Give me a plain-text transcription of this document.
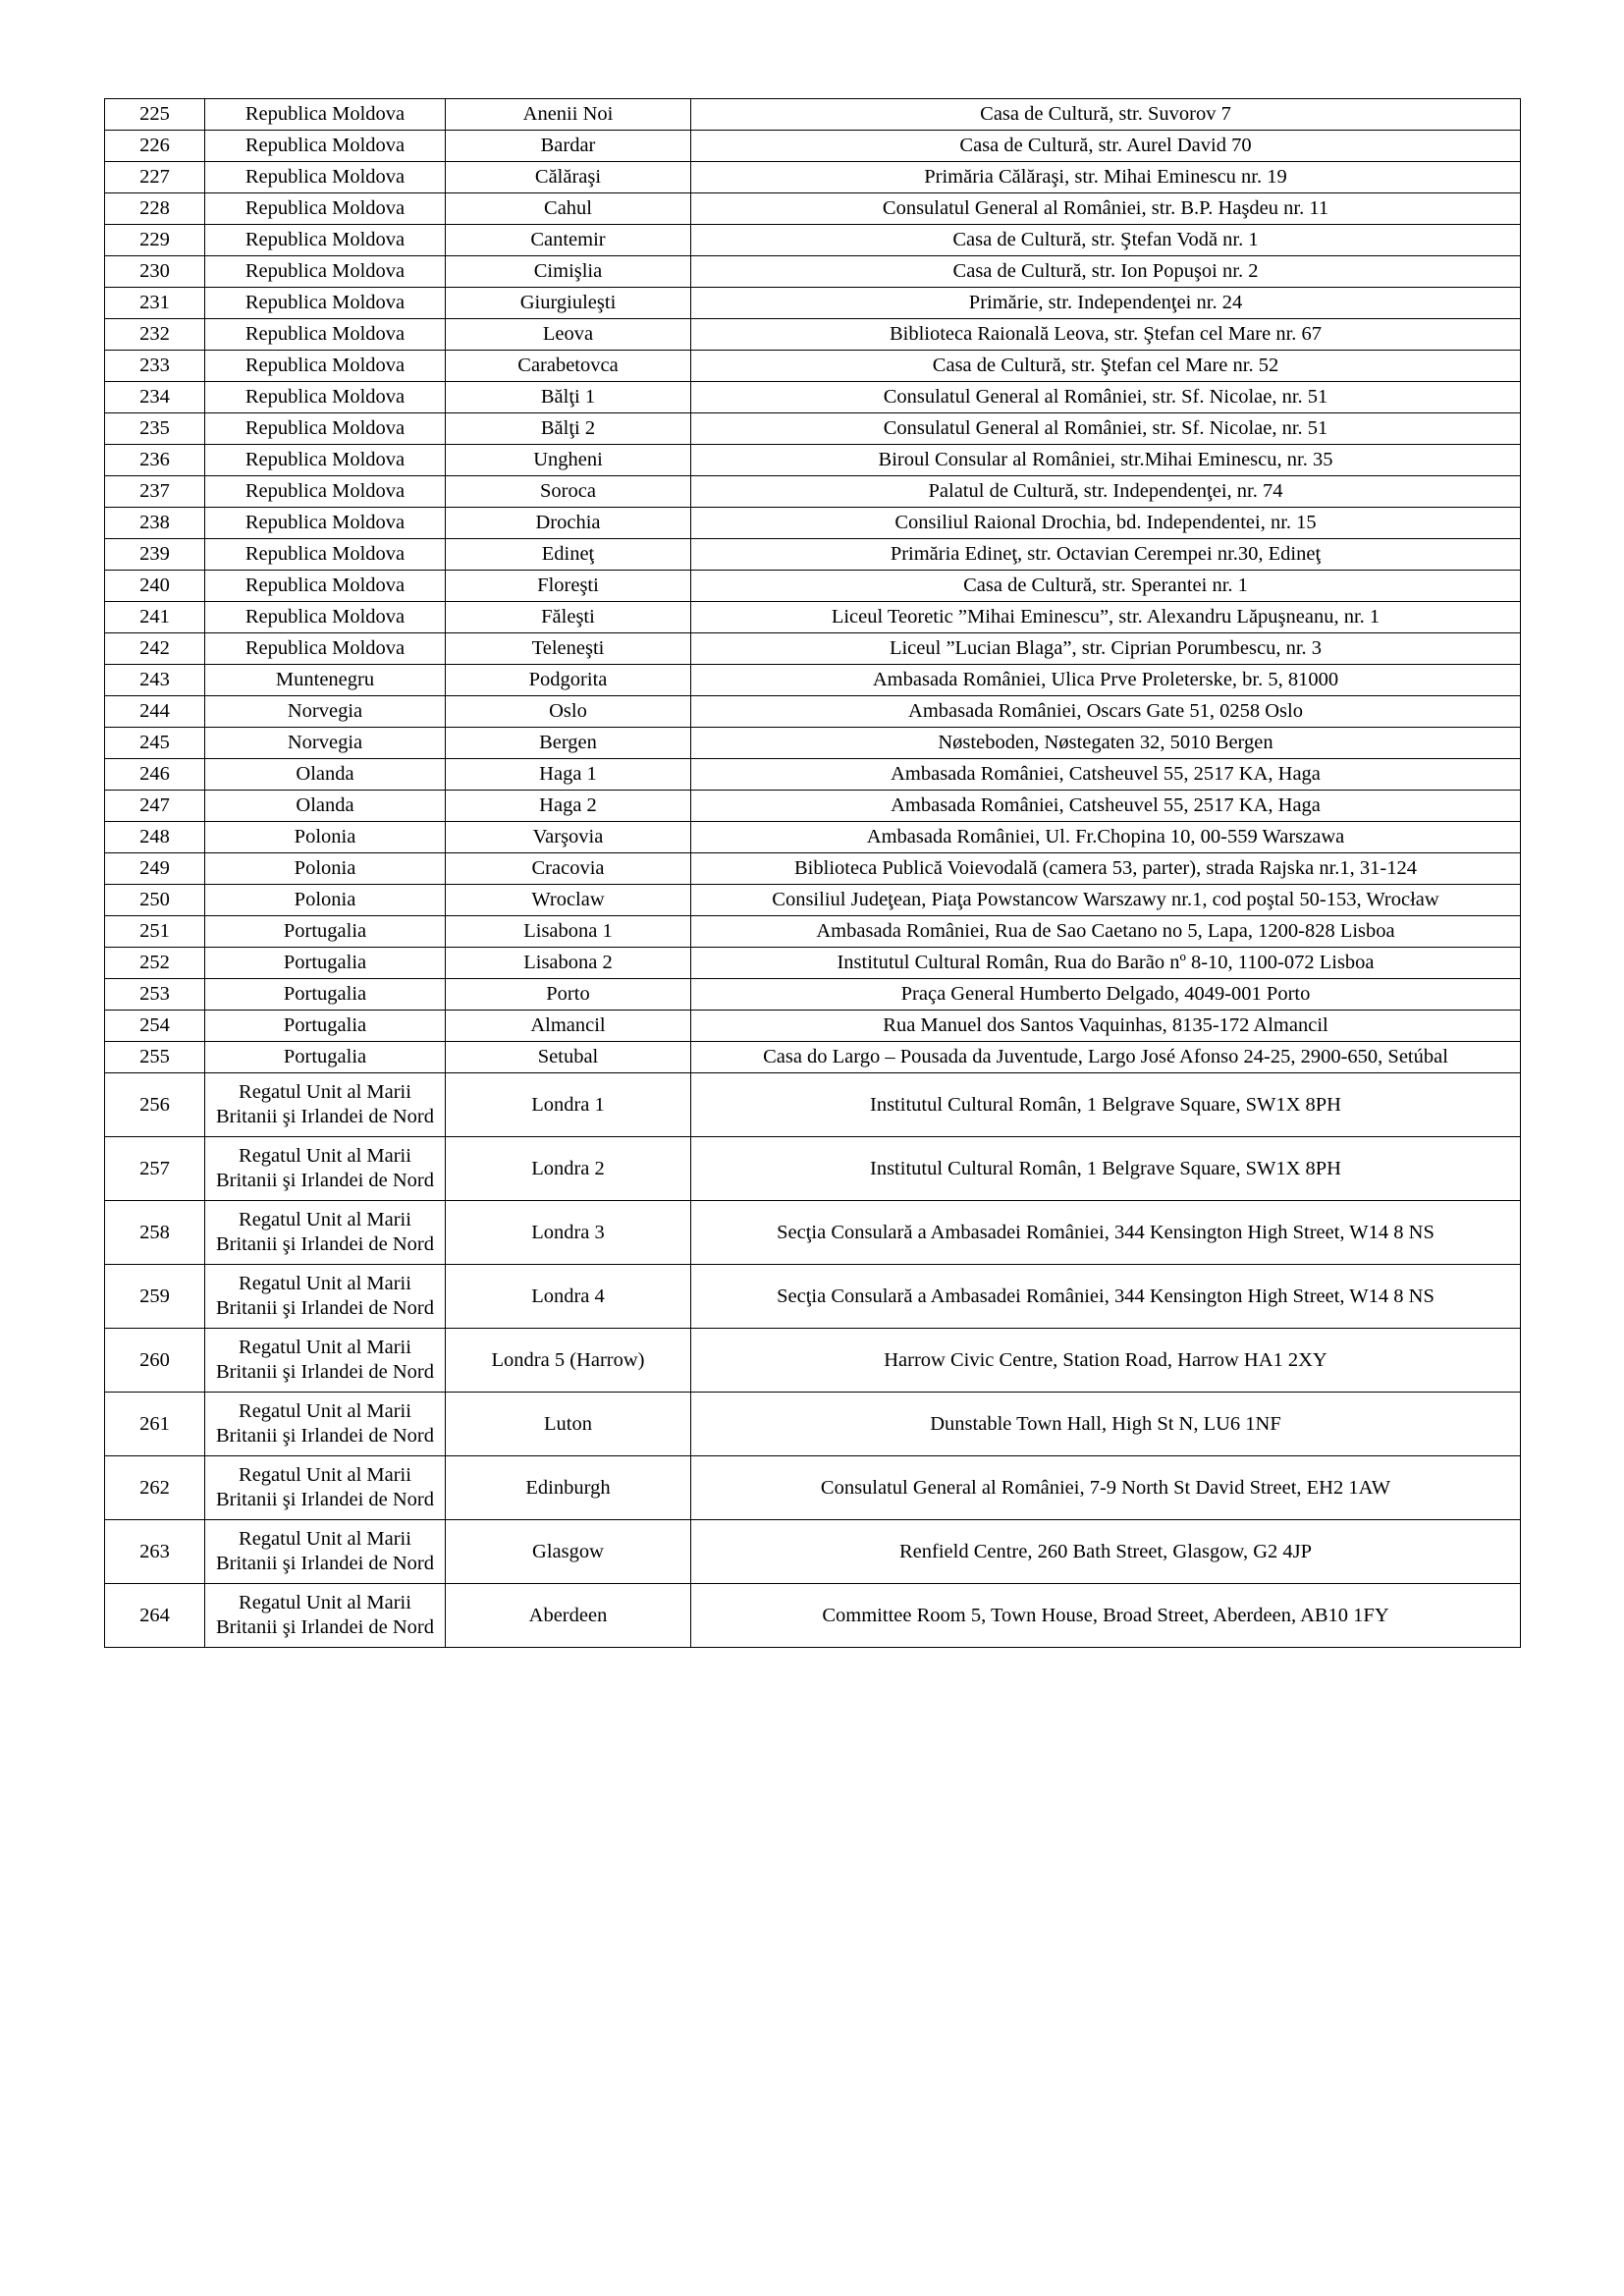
225	Republica Moldova	Anenii Noi	Casa de Cultură, str. Suvorov 7
226	Republica Moldova	Bardar	Casa de Cultură, str. Aurel David 70
227	Republica Moldova	Călăraşi	Primăria Călăraşi, str. Mihai Eminescu nr. 19
228	Republica Moldova	Cahul	Consulatul General al României, str. B.P. Haşdeu nr. 11
229	Republica Moldova	Cantemir	Casa de Cultură, str. Ştefan Vodă nr. 1
230	Republica Moldova	Cimişlia	Casa de Cultură, str. Ion Popuşoi nr. 2
231	Republica Moldova	Giurgiuleşti	Primărie, str. Independenţei nr. 24
232	Republica Moldova	Leova	Biblioteca Raională Leova, str. Ştefan cel Mare nr. 67
233	Republica Moldova	Carabetovca	Casa de Cultură, str. Ştefan cel Mare nr. 52
234	Republica Moldova	Bălţi 1	Consulatul General al României, str. Sf. Nicolae, nr. 51
235	Republica Moldova	Bălţi 2	Consulatul General al României, str. Sf. Nicolae, nr. 51
236	Republica Moldova	Ungheni	Biroul Consular al României, str.Mihai Eminescu, nr. 35
237	Republica Moldova	Soroca	Palatul de Cultură, str. Independenţei, nr. 74
238	Republica Moldova	Drochia	Consiliul Raional Drochia, bd. Independentei, nr. 15
239	Republica Moldova	Edineţ	Primăria Edineţ, str. Octavian Cerempei nr.30, Edineţ
240	Republica Moldova	Floreşti	Casa de Cultură, str. Sperantei nr. 1
241	Republica Moldova	Făleşti	Liceul Teoretic ”Mihai Eminescu”, str. Alexandru Lăpuşneanu, nr. 1
242	Republica Moldova	Teleneşti	Liceul ”Lucian Blaga”, str. Ciprian Porumbescu, nr. 3
243	Muntenegru	Podgorita	Ambasada României, Ulica Prve Proleterske, br. 5, 81000
244	Norvegia	Oslo	Ambasada României, Oscars Gate 51, 0258 Oslo
245	Norvegia	Bergen	Nøsteboden, Nøstegaten 32, 5010 Bergen
246	Olanda	Haga 1	Ambasada României, Catsheuvel 55, 2517 KA, Haga
247	Olanda	Haga 2	Ambasada României, Catsheuvel 55, 2517 KA, Haga
248	Polonia	Varşovia	Ambasada României, Ul. Fr.Chopina 10, 00-559 Warszawa
249	Polonia	Cracovia	Biblioteca Publică Voievodală (camera 53, parter), strada Rajska nr.1, 31-124
250	Polonia	Wroclaw	Consiliul Judeţean, Piaţa Powstancow Warszawy nr.1, cod poştal 50-153, Wrocław
251	Portugalia	Lisabona 1	Ambasada României, Rua de Sao Caetano no 5, Lapa, 1200-828 Lisboa
252	Portugalia	Lisabona 2	Institutul Cultural Român, Rua do Barão nº 8-10, 1100-072 Lisboa
253	Portugalia	Porto	Praça General Humberto Delgado, 4049-001 Porto
254	Portugalia	Almancil	Rua Manuel dos Santos Vaquinhas, 8135-172 Almancil
255	Portugalia	Setubal	Casa do Largo – Pousada da Juventude, Largo José Afonso 24-25, 2900-650, Setúbal
256	Regatul Unit al Marii Britanii şi Irlandei de Nord	Londra 1	Institutul Cultural Român, 1 Belgrave Square, SW1X 8PH
257	Regatul Unit al Marii Britanii şi Irlandei de Nord	Londra 2	Institutul Cultural Român, 1 Belgrave Square, SW1X 8PH
258	Regatul Unit al Marii Britanii şi Irlandei de Nord	Londra 3	Secţia Consulară a Ambasadei României, 344 Kensington High Street, W14 8 NS
259	Regatul Unit al Marii Britanii şi Irlandei de Nord	Londra 4	Secţia Consulară a Ambasadei României, 344 Kensington High Street, W14 8 NS
260	Regatul Unit al Marii Britanii şi Irlandei de Nord	Londra 5 (Harrow)	Harrow Civic Centre, Station Road, Harrow HA1 2XY
261	Regatul Unit al Marii Britanii şi Irlandei de Nord	Luton	Dunstable Town Hall, High St N, LU6 1NF
262	Regatul Unit al Marii Britanii şi Irlandei de Nord	Edinburgh	Consulatul General al României, 7-9 North St David Street, EH2 1AW
263	Regatul Unit al Marii Britanii şi Irlandei de Nord	Glasgow	Renfield Centre, 260 Bath Street, Glasgow, G2 4JP
264	Regatul Unit al Marii Britanii şi Irlandei de Nord	Aberdeen	Committee Room 5, Town House, Broad Street, Aberdeen, AB10 1FY
